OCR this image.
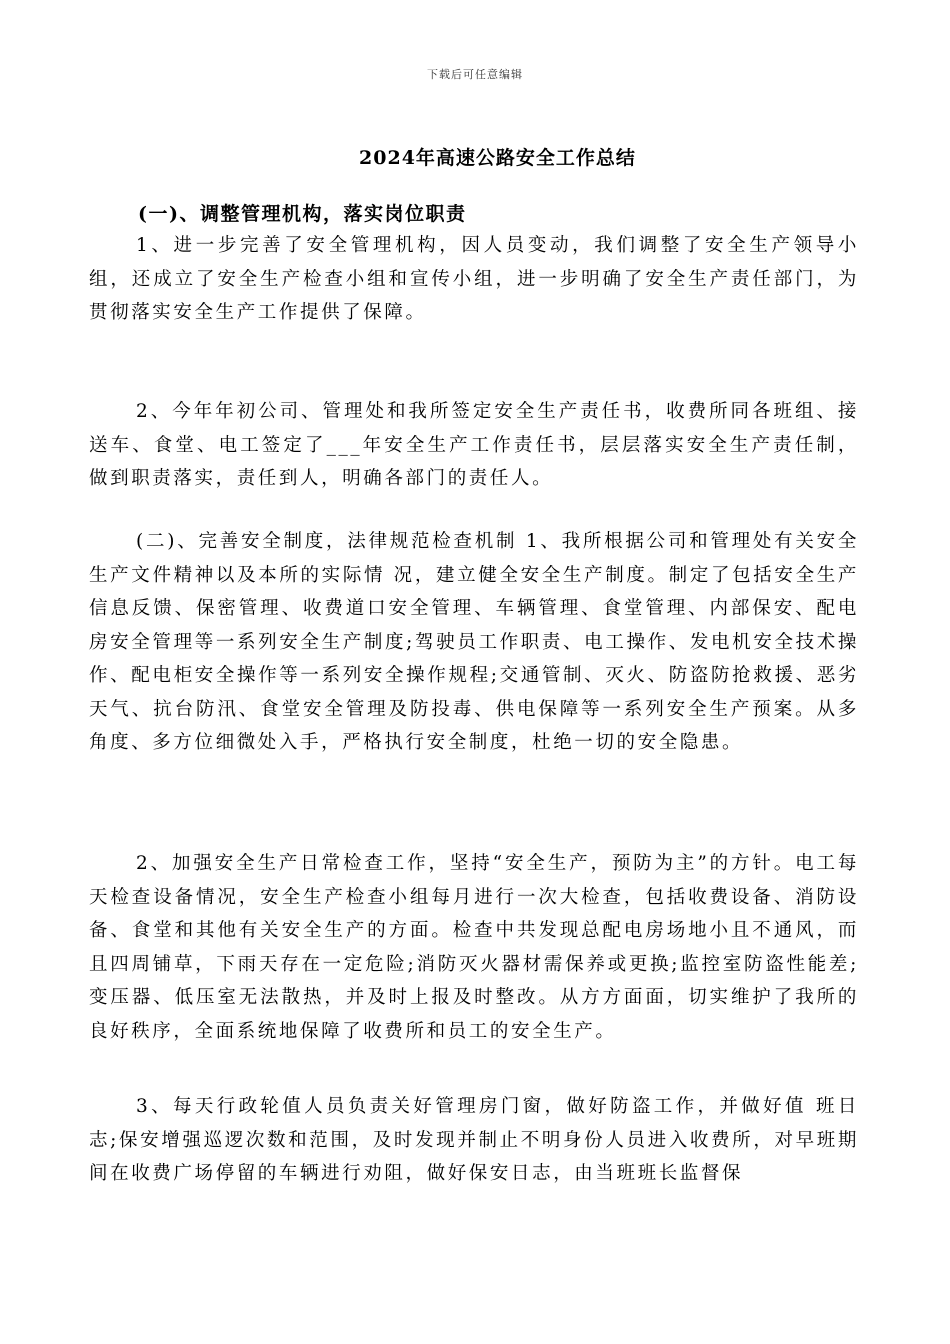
下载后可任意编辑
2024年高速公路安全工作总结
(一)、调整管理机构，落实岗位职责

1、进一步完善了安全管理机构，因人员变动，我们调整了安全生产领导小组，还成立了安全生产检查小组和宣传小组，进一步明确了安全生产责任部门，为贯彻落实安全生产工作提供了保障。

2、今年年初公司、管理处和我所签定安全生产责任书，收费所同各班组、接送车、食堂、电工签定了___年安全生产工作责任书，层层落实安全生产责任制，做到职责落实，责任到人，明确各部门的责任人。

(二)、完善安全制度，法律规范检查机制 1、我所根据公司和管理处有关安全生产文件精神以及本所的实际情 况，建立健全安全生产制度。制定了包括安全生产信息反馈、保密管理、收费道口安全管理、车辆管理、食堂管理、内部保安、配电房安全管理等一系列安全生产制度;驾驶员工作职责、电工操作、发电机安全技术操作、配电柜安全操作等一系列安全操作规程;交通管制、灭火、防盗防抢救援、恶劣天气、抗台防汛、食堂安全管理及防投毒、供电保障等一系列安全生产预案。从多角度、多方位细微处入手，严格执行安全制度，杜绝一切的安全隐患。

2、加强安全生产日常检查工作，坚持“安全生产，预防为主”的方针。电工每天检查设备情况，安全生产检查小组每月进行一次大检查，包括收费设备、消防设备、食堂和其他有关安全生产的方面。检查中共发现总配电房场地小且不通风，而且四周铺草，下雨天存在一定危险;消防灭火器材需保养或更换;监控室防盗性能差;变压器、低压室无法散热，并及时上报及时整改。从方方面面，切实维护了我所的良好秩序，全面系统地保障了收费所和员工的安全生产。

3、每天行政轮值人员负责关好管理房门窗，做好防盗工作，并做好值 班日志;保安增强巡逻次数和范围，及时发现并制止不明身份人员进入收费所，对早班期间在收费广场停留的车辆进行劝阻，做好保安日志，由当班班长监督保
